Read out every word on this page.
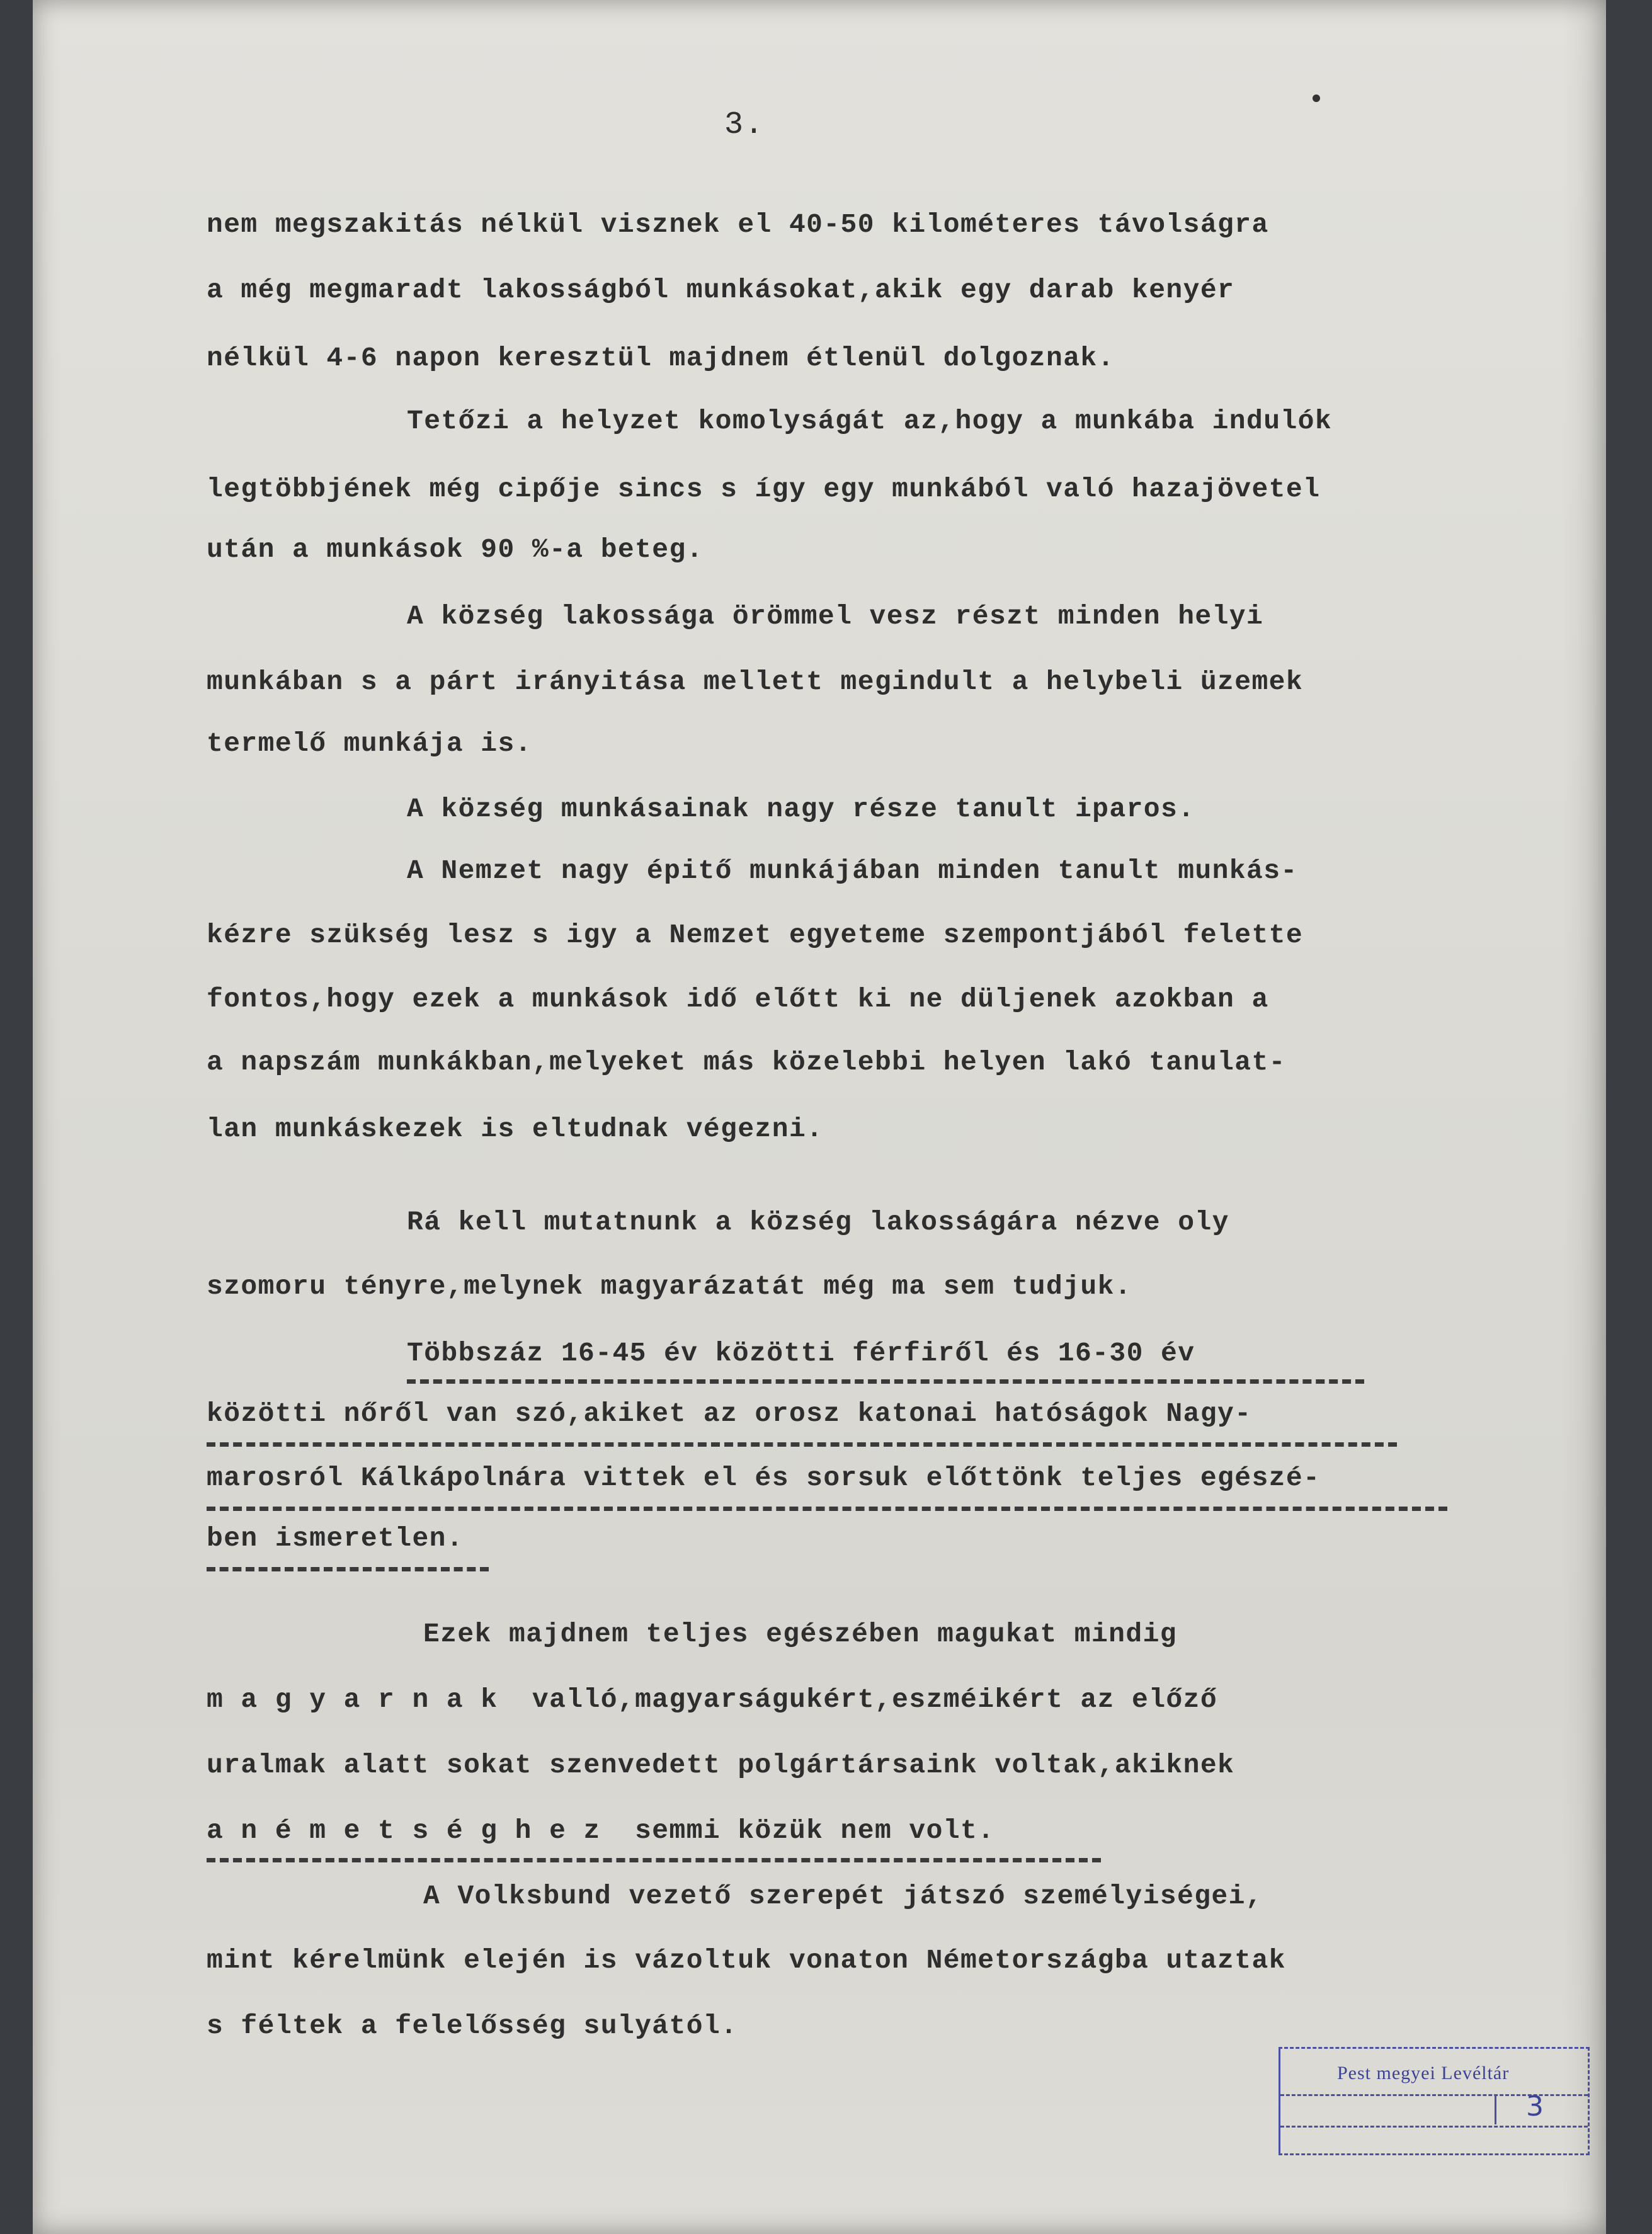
3.
nem megszakitás nélkül visznek el 40-50 kilométeres távolságra
a még megmaradt lakosságból munkásokat,akik egy darab kenyér
nélkül 4-6 napon keresztül majdnem étlenül dolgoznak.
Tetőzi a helyzet komolyságát az,hogy a munkába indulók
legtöbbjének még cipője sincs s így egy munkából való hazajövetel
után a munkások 90 %-a beteg.
A község lakossága örömmel vesz részt minden helyi
munkában s a párt irányitása mellett megindult a helybeli üzemek
termelő munkája is.
A község munkásainak nagy része tanult iparos.
A Nemzet nagy épitő munkájában minden tanult munkás-
kézre szükség lesz s igy a Nemzet egyeteme szempontjából felette
fontos,hogy ezek a munkások idő előtt ki ne düljenek azokban a
a napszám munkákban,melyeket más közelebbi helyen lakó tanulat-
lan munkáskezek is eltudnak végezni.
Rá kell mutatnunk a község lakosságára nézve oly
szomoru tényre,melynek magyarázatát még ma sem tudjuk.
Többszáz 16-45 év közötti férfiről és 16-30 év
közötti nőről van szó,akiket az orosz katonai hatóságok Nagy-
marosról Kálkápolnára vittek el és sorsuk előttönk teljes egészé-
ben ismeretlen.
Ezek majdnem teljes egészében magukat mindig
m a g y a r n a k  valló,magyarságukért,eszméikért az előző
uralmak alatt sokat szenvedett polgártársaink voltak,akiknek
a n é m e t s é g h e z  semmi közük nem volt.
A Volksbund vezető szerepét játszó személyiségei,
mint kérelmünk elején is vázoltuk vonaton Németországba utaztak
s féltek a felelősség sulyától.
Pest megyei Levéltár
3
